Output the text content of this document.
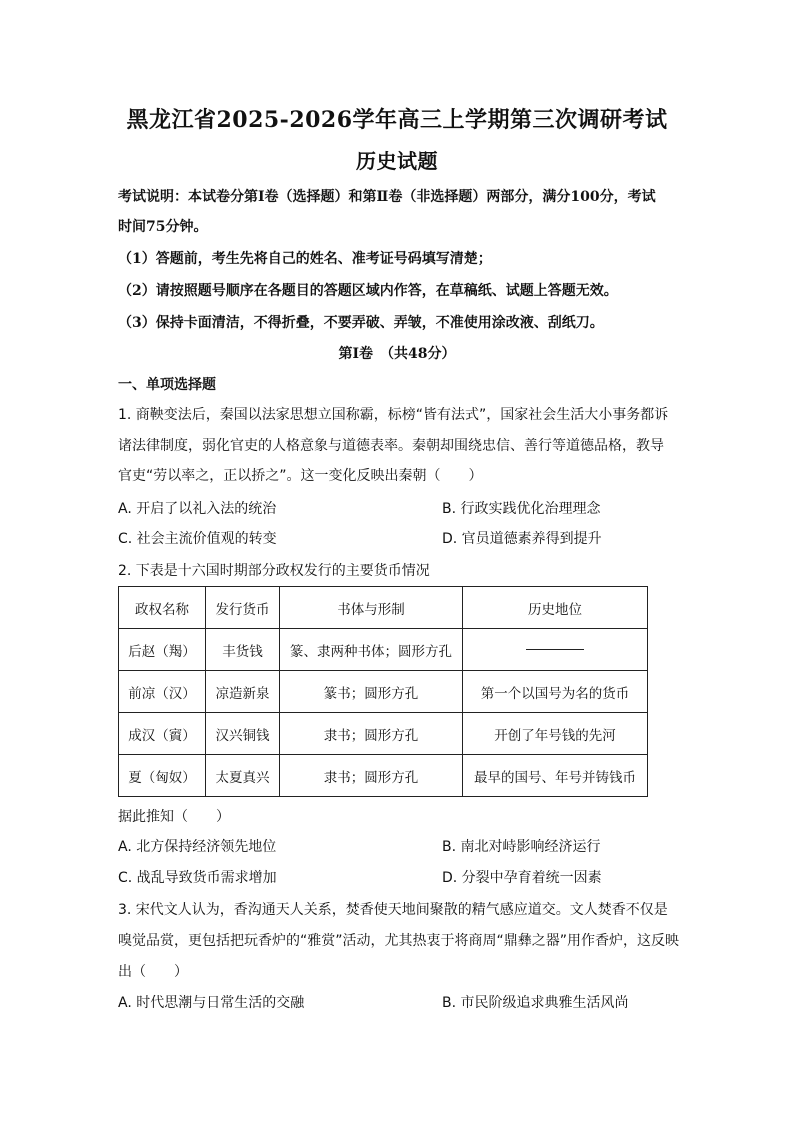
黑龙江省2025-2026学年高三上学期第三次调研考试
历史试题
考试说明：本试卷分第Ⅰ卷（选择题）和第Ⅱ卷（非选择题）两部分，满分100分，考试
时间75分钟。
（1）答题前，考生先将自己的姓名、准考证号码填写清楚；
（2）请按照题号顺序在各题目的答题区域内作答，在草稿纸、试题上答题无效。
（3）保持卡面清洁，不得折叠，不要弄破、弄皱，不准使用涂改液、刮纸刀。
第Ⅰ卷　（共48分）
一、单项选择题
1. 商鞅变法后，秦国以法家思想立国称霸，标榜“皆有法式”，国家社会生活大小事务都诉
诸法律制度，弱化官吏的人格意象与道德表率。秦朝却围绕忠信、善行等道德品格，教导
官吏“劳以率之，正以挢之”。这一变化反映出秦朝（　　）
A. 开启了以礼入法的统治	B. 行政实践优化治理理念
C. 社会主流价值观的转变	D. 官员道德素养得到提升
2. 下表是十六国时期部分政权发行的主要货币情况
政权名称	发行货币	书体与形制	历史地位
后赵（羯）	丰货钱	篆、隶两种书体；圆形方孔	
前凉（汉）	凉造新泉	篆书；圆形方孔	第一个以国号为名的货币
成汉（賨）	汉兴铜钱	隶书；圆形方孔	开创了年号钱的先河
夏（匈奴）	太夏真兴	隶书；圆形方孔	最早的国号、年号并铸钱币
据此推知（　　）
A. 北方保持经济领先地位	B. 南北对峙影响经济运行
C. 战乱导致货币需求增加	D. 分裂中孕育着统一因素
3. 宋代文人认为，香沟通天人关系，焚香使天地间聚散的精气感应道交。文人焚香不仅是
嗅觉品赏，更包括把玩香炉的“雅赏”活动，尤其热衷于将商周“鼎彝之器”用作香炉，这反映
出（　　）
A. 时代思潮与日常生活的交融	B. 市民阶级追求典雅生活风尚
